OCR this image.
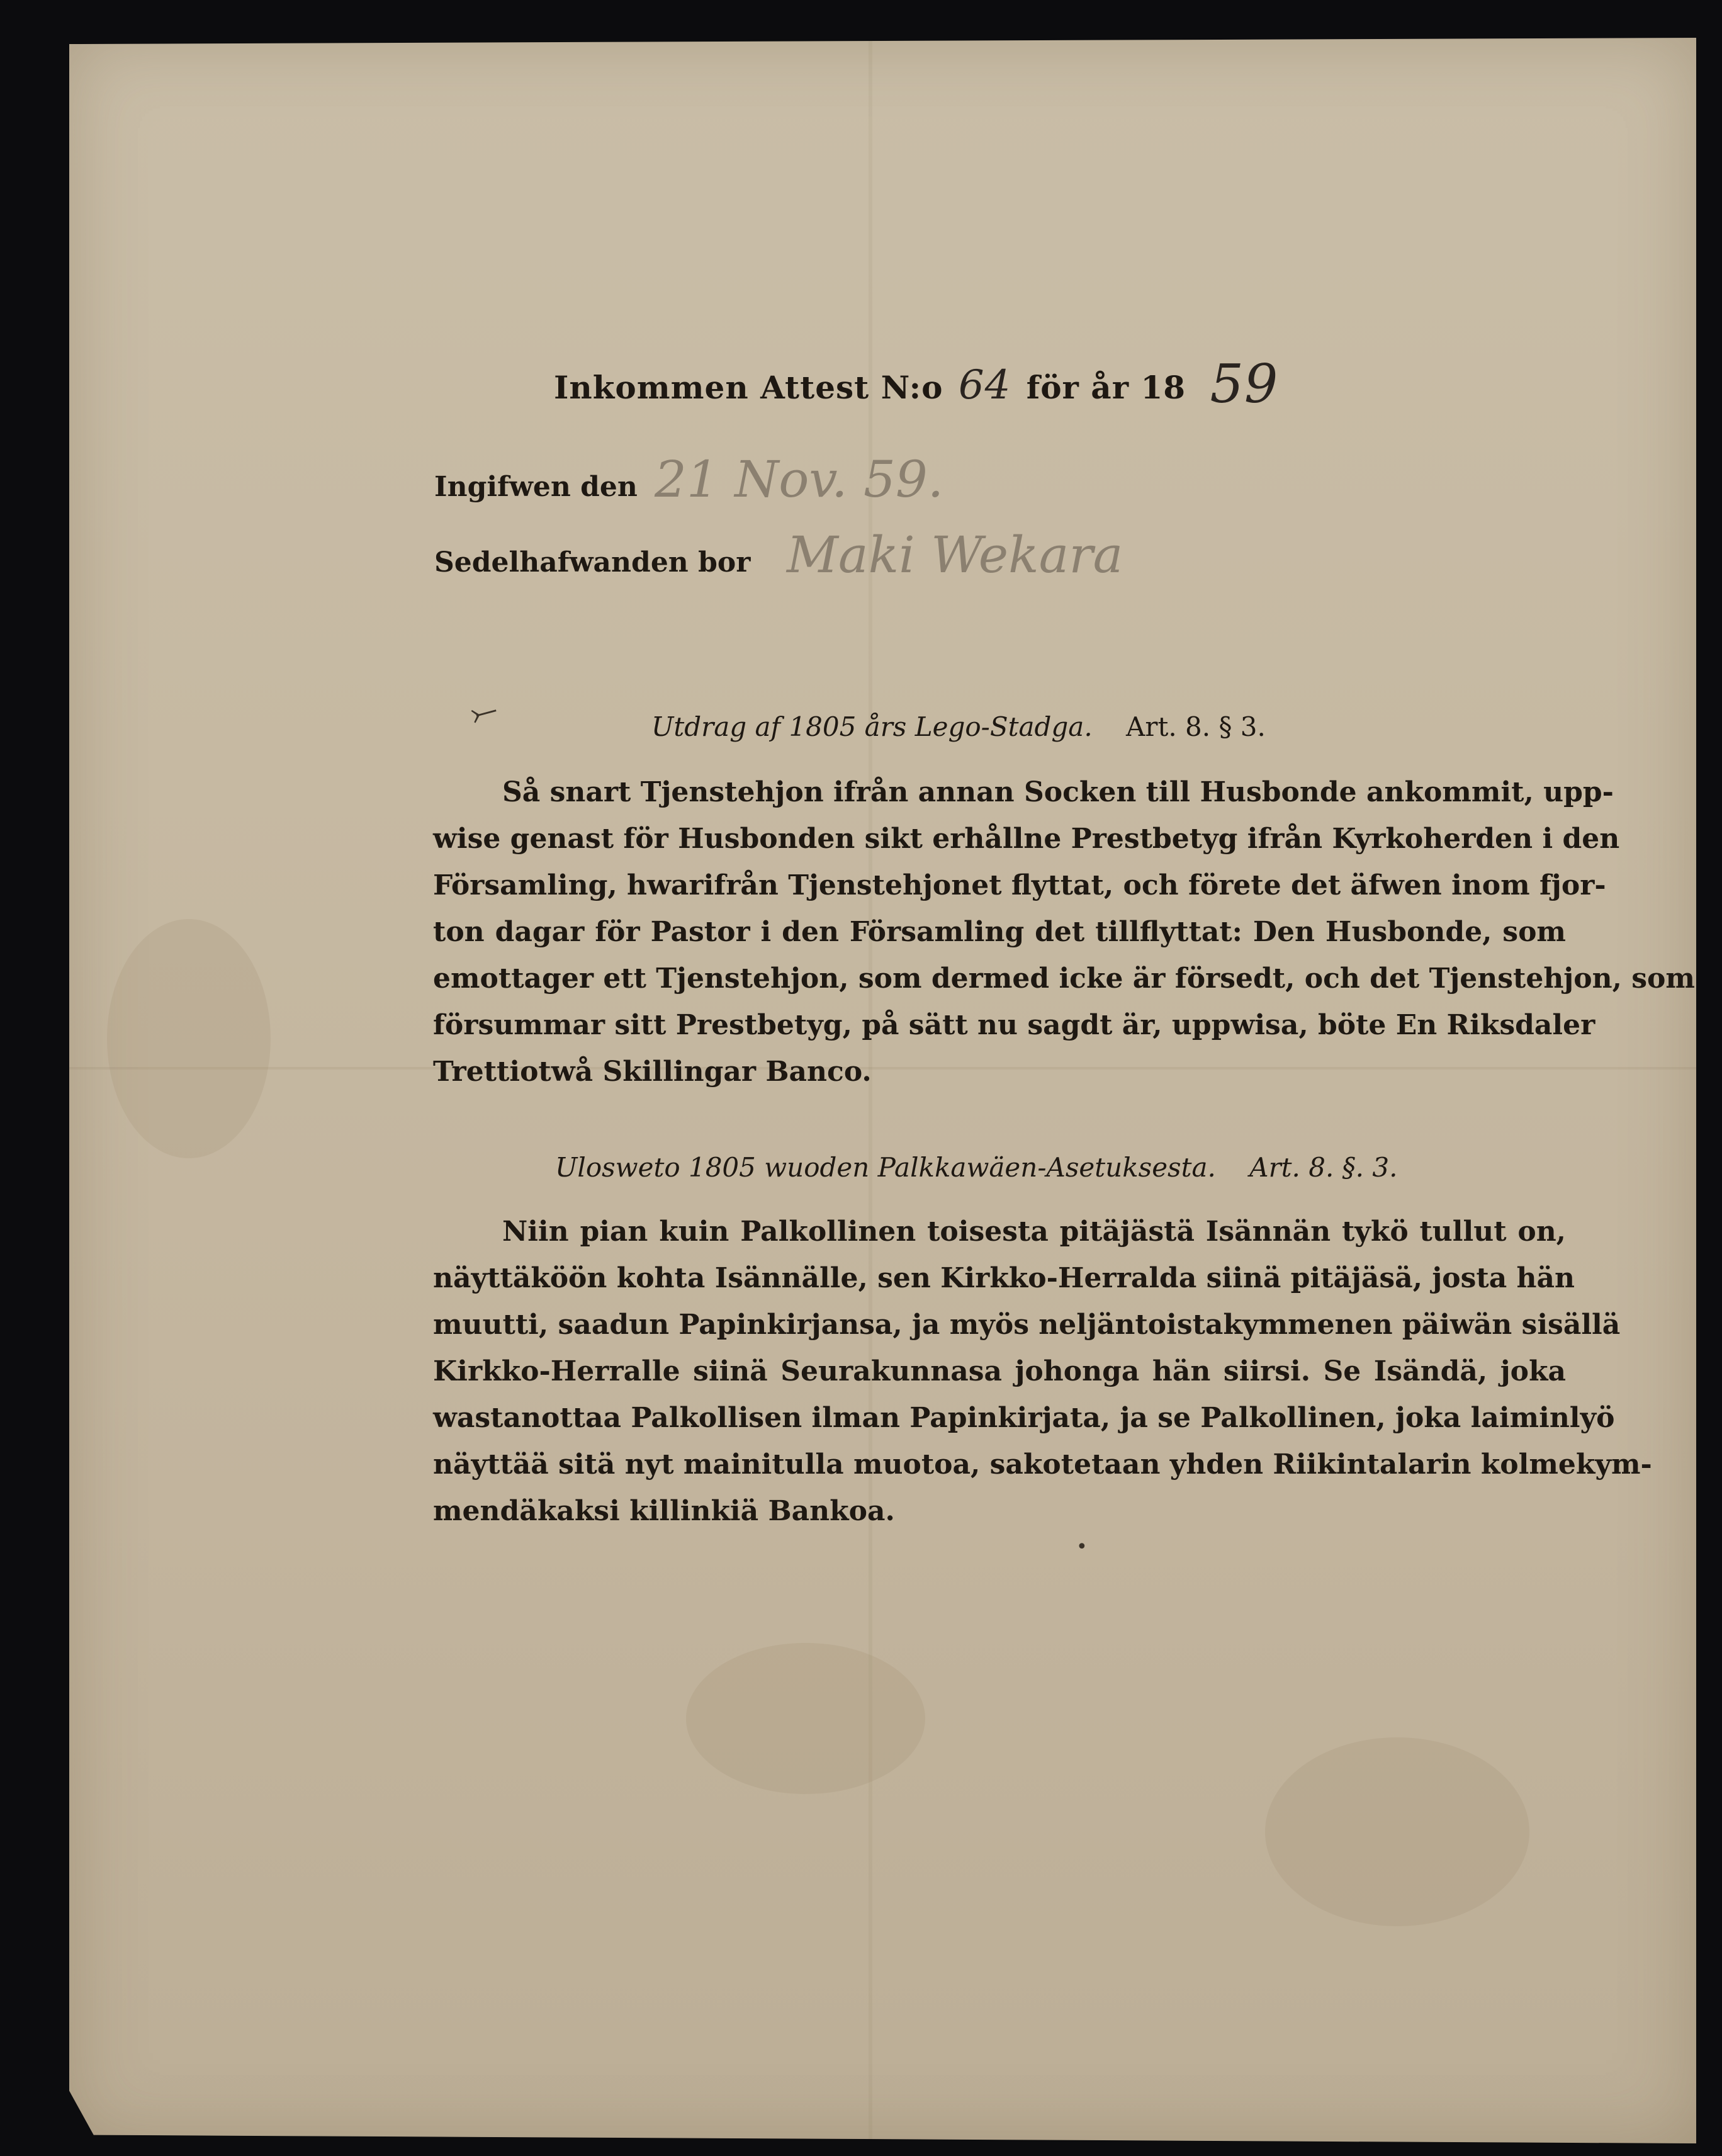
Inkommen Attest N:o 64 för år 18 59
Ingifwen den 21 Nov. 59.
Sedelhafwanden bor Maki Wekara
⤚	Utdrag af 1805 års Lego-Stadga. Art. 8. § 3.
Så snart Tjenstehjon ifrån annan Socken till Husbonde ankommit, upp-
wise genast för Husbonden sikt erhållne Prestbetyg ifrån Kyrkoherden i den
Församling, hwarifrån Tjenstehjonet flyttat, och förete det äfwen inom fjor-
ton dagar för Pastor i den Församling det tillflyttat: Den Husbonde, som
emottager ett Tjenstehjon, som dermed icke är försedt, och det Tjenstehjon, som
försummar sitt Prestbetyg, på sätt nu sagdt är, uppwisa, böte En Riksdaler
Trettiotwå Skillingar Banco.
Ulosweto 1805 wuoden Palkkawäen-Asetuksesta. Art. 8. §. 3.
Niin pian kuin Palkollinen toisesta pitäjästä Isännän tykö tullut on,
näyttäköön kohta Isännälle, sen Kirkko-Herralda siinä pitäjäsä, josta hän
muutti, saadun Papinkirjansa, ja myös neljäntoistakymmenen päiwän sisällä
Kirkko-Herralle siinä Seurakunnasa johonga hän siirsi. Se Isändä, joka
wastanottaa Palkollisen ilman Papinkirjata, ja se Palkollinen, joka laiminlyö
näyttää sitä nyt mainitulla muotoa, sakotetaan yhden Riikintalarin kolmekym-
mendäkaksi killinkiä Bankoa.
•
